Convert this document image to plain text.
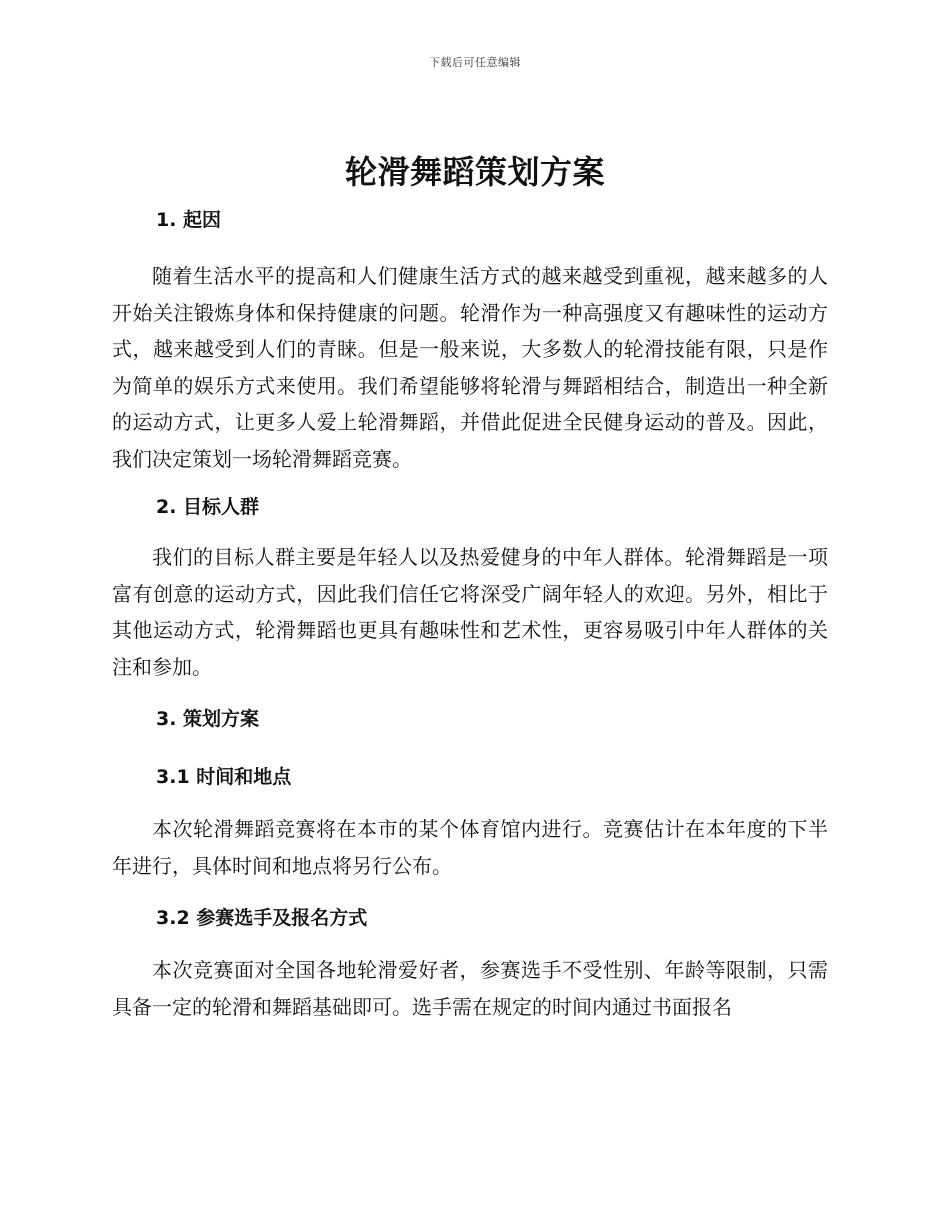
下载后可任意编辑
轮滑舞蹈策划方案
1. 起因

随着生活水平的提高和人们健康生活方式的越来越受到重视，越来越多的人开始关注锻炼身体和保持健康的问题。轮滑作为一种高强度又有趣味性的运动方式，越来越受到人们的青睐。但是一般来说，大多数人的轮滑技能有限，只是作为简单的娱乐方式来使用。我们希望能够将轮滑与舞蹈相结合，制造出一种全新的运动方式，让更多人爱上轮滑舞蹈，并借此促进全民健身运动的普及。因此，我们决定策划一场轮滑舞蹈竞赛。

2. 目标人群

我们的目标人群主要是年轻人以及热爱健身的中年人群体。轮滑舞蹈是一项富有创意的运动方式，因此我们信任它将深受广阔年轻人的欢迎。另外，相比于其他运动方式，轮滑舞蹈也更具有趣味性和艺术性，更容易吸引中年人群体的关注和参加。

3. 策划方案
3.1 时间和地点

本次轮滑舞蹈竞赛将在本市的某个体育馆内进行。竞赛估计在本年度的下半年进行，具体时间和地点将另行公布。

3.2 参赛选手及报名方式

本次竞赛面对全国各地轮滑爱好者，参赛选手不受性别、年龄等限制，只需具备一定的轮滑和舞蹈基础即可。选手需在规定的时间内通过书面报名
